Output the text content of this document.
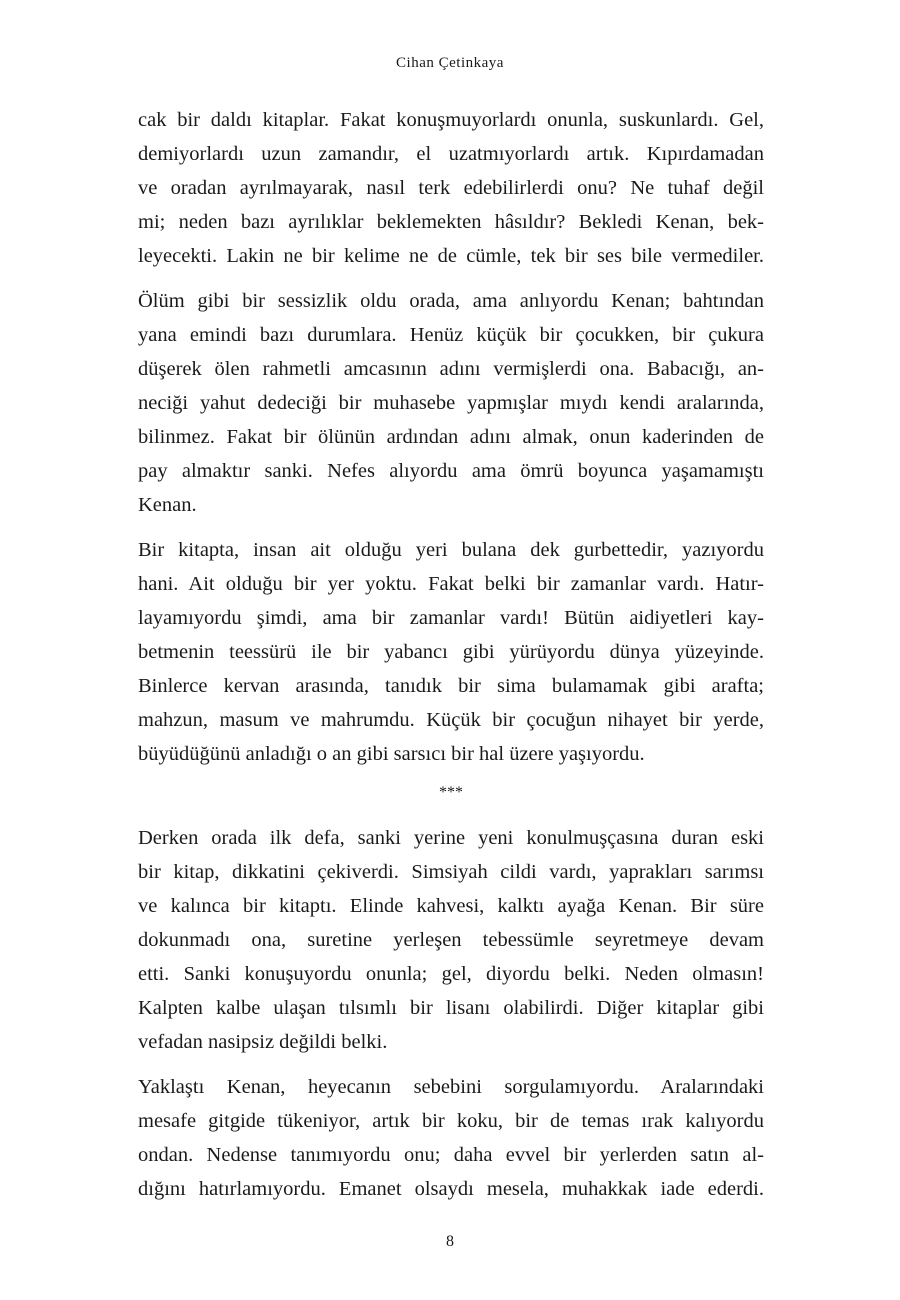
Cihan Çetinkaya

cak bir daldı kitaplar. Fakat konuşmuyorlardı onunla, suskunlardı. Gel,
demiyorlardı uzun zamandır, el uzatmıyorlardı artık. Kıpırdamadan
ve oradan ayrılmayarak, nasıl terk edebilirlerdi onu? Ne tuhaf değil
mi; neden bazı ayrılıklar beklemekten hâsıldır? Bekledi Kenan, bek-
leyecekti. Lakin ne bir kelime ne de cümle, tek bir ses bile vermediler.

Ölüm gibi bir sessizlik oldu orada, ama anlıyordu Kenan; bahtından
yana emindi bazı durumlara. Henüz küçük bir çocukken, bir çukura
düşerek ölen rahmetli amcasının adını vermişlerdi ona. Babacığı, an-
neciği yahut dedeciği bir muhasebe yapmışlar mıydı kendi aralarında,
bilinmez. Fakat bir ölünün ardından adını almak, onun kaderinden de
pay almaktır sanki. Nefes alıyordu ama ömrü boyunca yaşamamıştı
Kenan.

Bir kitapta, insan ait olduğu yeri bulana dek gurbettedir, yazıyordu
hani. Ait olduğu bir yer yoktu. Fakat belki bir zamanlar vardı. Hatır-
layamıyordu şimdi, ama bir zamanlar vardı! Bütün aidiyetleri kay-
betmenin teessürü ile bir yabancı gibi yürüyordu dünya yüzeyinde.
Binlerce kervan arasında, tanıdık bir sima bulamamak gibi arafta;
mahzun, masum ve mahrumdu. Küçük bir çocuğun nihayet bir yerde,
büyüdüğünü anladığı o an gibi sarsıcı bir hal üzere yaşıyordu.

***

Derken orada ilk defa, sanki yerine yeni konulmuşçasına duran eski
bir kitap, dikkatini çekiverdi. Simsiyah cildi vardı, yaprakları sarımsı
ve kalınca bir kitaptı. Elinde kahvesi, kalktı ayağa Kenan. Bir süre
dokunmadı ona, suretine yerleşen tebessümle seyretmeye devam
etti. Sanki konuşuyordu onunla; gel, diyordu belki. Neden olmasın!
Kalpten kalbe ulaşan tılsımlı bir lisanı olabilirdi. Diğer kitaplar gibi
vefadan nasipsiz değildi belki.

Yaklaştı Kenan, heyecanın sebebini sorgulamıyordu. Aralarındaki
mesafe gitgide tükeniyor, artık bir koku, bir de temas ırak kalıyordu
ondan. Nedense tanımıyordu onu; daha evvel bir yerlerden satın al-
dığını hatırlamıyordu. Emanet olsaydı mesela, muhakkak iade ederdi.

8
